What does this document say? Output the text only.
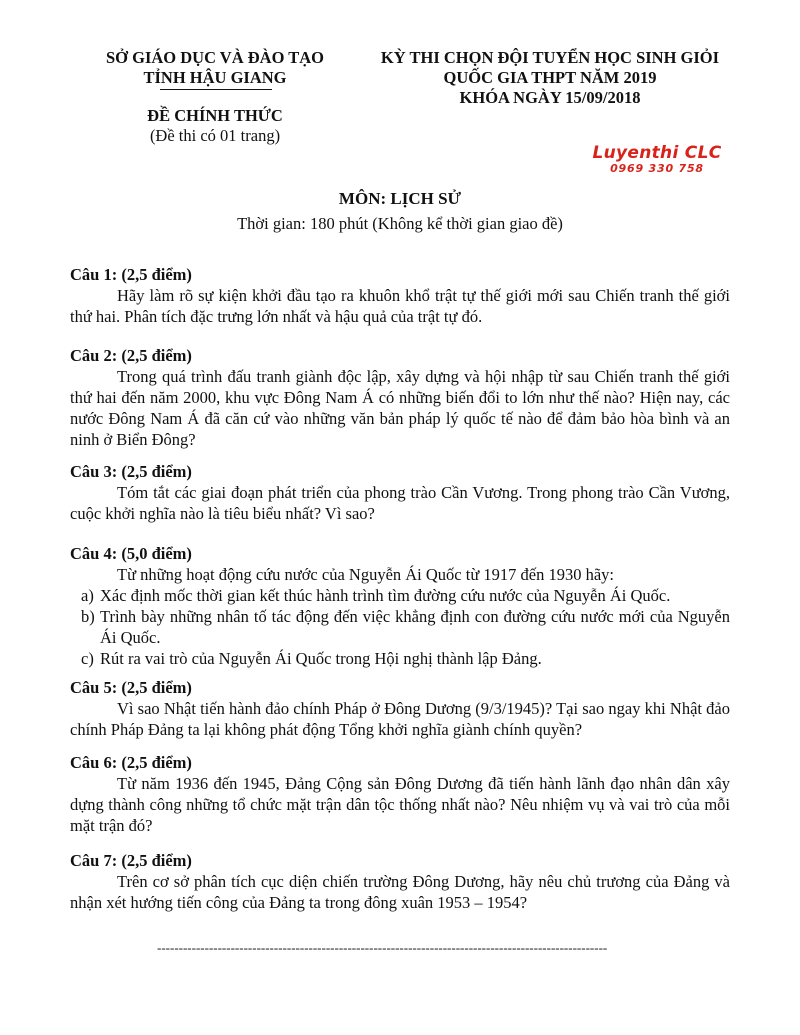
SỞ GIÁO DỤC VÀ ĐÀO TẠO
TỈNH HẬU GIANG
ĐỀ CHÍNH THỨC
(Đề thi có 01 trang)
KỲ THI CHỌN ĐỘI TUYỂN HỌC SINH GIỎI
QUỐC GIA THPT NĂM 2019
KHÓA NGÀY 15/09/2018
Luyenthi CLC
0969 330 758
MÔN: LỊCH SỬ
Thời gian: 180 phút (Không kể thời gian giao đề)
Câu 1: (2,5 điểm)
Hãy làm rõ sự kiện khởi đầu tạo ra khuôn khổ trật tự thế giới mới sau Chiến tranh thế giới thứ hai. Phân tích đặc trưng lớn nhất và hậu quả của trật tự đó.
Câu 2: (2,5 điểm)
Trong quá trình đấu tranh giành độc lập, xây dựng và hội nhập từ sau Chiến tranh thế giới thứ hai đến năm 2000, khu vực Đông Nam Á có những biến đổi to lớn như thế nào? Hiện nay, các nước Đông Nam Á đã căn cứ vào những văn bản pháp lý quốc tế nào để đảm bảo hòa bình và an ninh ở Biển Đông?
Câu 3: (2,5 điểm)
Tóm tắt các giai đoạn phát triển của phong trào Cần Vương. Trong phong trào Cần Vương, cuộc khởi nghĩa nào là tiêu biểu nhất? Vì sao?
Câu 4: (5,0 điểm)
Từ những hoạt động cứu nước của Nguyễn Ái Quốc từ 1917 đến 1930 hãy:
a) Xác định mốc thời gian kết thúc hành trình tìm đường cứu nước của Nguyễn Ái Quốc.
b) Trình bày những nhân tố tác động đến việc khẳng định con đường cứu nước mới của Nguyễn Ái Quốc.
c) Rút ra vai trò của Nguyễn Ái Quốc trong Hội nghị thành lập Đảng.
Câu 5: (2,5 điểm)
Vì sao Nhật tiến hành đảo chính Pháp ở Đông Dương (9/3/1945)? Tại sao ngay khi Nhật đảo chính Pháp Đảng ta lại không phát động Tổng khởi nghĩa giành chính quyền?
Câu 6: (2,5 điểm)
Từ năm 1936 đến 1945, Đảng Cộng sản Đông Dương đã tiến hành lãnh đạo nhân dân xây dựng thành công những tổ chức mặt trận dân tộc thống nhất nào? Nêu nhiệm vụ và vai trò của mỗi mặt trận đó?
Câu 7: (2,5 điểm)
Trên cơ sở phân tích cục diện chiến trường Đông Dương, hãy nêu chủ trương của Đảng và nhận xét hướng tiến công của Đảng ta trong đông xuân 1953 – 1954?
--------------------------------------------------------------------------------------------------------
